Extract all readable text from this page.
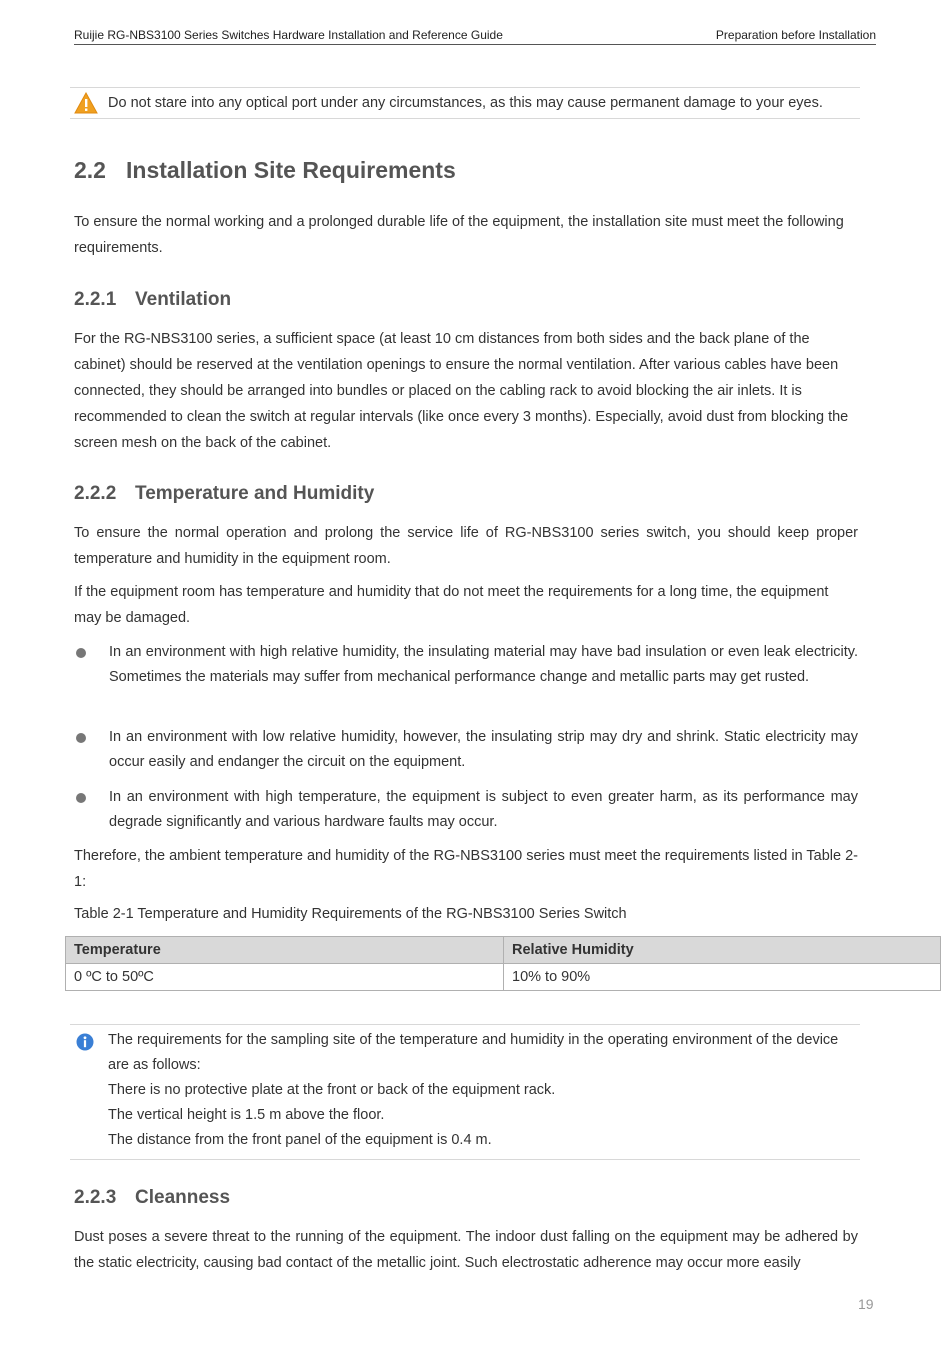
Ruijie RG-NBS3100 Series Switches Hardware Installation and Reference Guide	Preparation before Installation
Do not stare into any optical port under any circumstances, as this may cause permanent damage to your eyes.
2.2 Installation Site Requirements
To ensure the normal working and a prolonged durable life of the equipment, the installation site must meet the following requirements.
2.2.1 Ventilation
For the RG-NBS3100 series, a sufficient space (at least 10 cm distances from both sides and the back plane of the cabinet) should be reserved at the ventilation openings to ensure the normal ventilation. After various cables have been connected, they should be arranged into bundles or placed on the cabling rack to avoid blocking the air inlets. It is recommended to clean the switch at regular intervals (like once every 3 months). Especially, avoid dust from blocking the screen mesh on the back of the cabinet.
2.2.2 Temperature and Humidity
To ensure the normal operation and prolong the service life of RG-NBS3100 series switch, you should keep proper temperature and humidity in the equipment room.
If the equipment room has temperature and humidity that do not meet the requirements for a long time, the equipment may be damaged.
In an environment with high relative humidity, the insulating material may have bad insulation or even leak electricity. Sometimes the materials may suffer from mechanical performance change and metallic parts may get rusted.
In an environment with low relative humidity, however, the insulating strip may dry and shrink. Static electricity may occur easily and endanger the circuit on the equipment.
In an environment with high temperature, the equipment is subject to even greater harm, as its performance may degrade significantly and various hardware faults may occur.
Therefore, the ambient temperature and humidity of the RG-NBS3100 series must meet the requirements listed in Table 2-1:
Table 2-1 Temperature and Humidity Requirements of the RG-NBS3100 Series Switch
Temperature	Relative Humidity
0 ºC to 50ºC	10% to 90%
The requirements for the sampling site of the temperature and humidity in the operating environment of the device are as follows:
There is no protective plate at the front or back of the equipment rack.
The vertical height is 1.5 m above the floor.
The distance from the front panel of the equipment is 0.4 m.
2.2.3 Cleanness
Dust poses a severe threat to the running of the equipment. The indoor dust falling on the equipment may be adhered by the static electricity, causing bad contact of the metallic joint. Such electrostatic adherence may occur more easily
19
